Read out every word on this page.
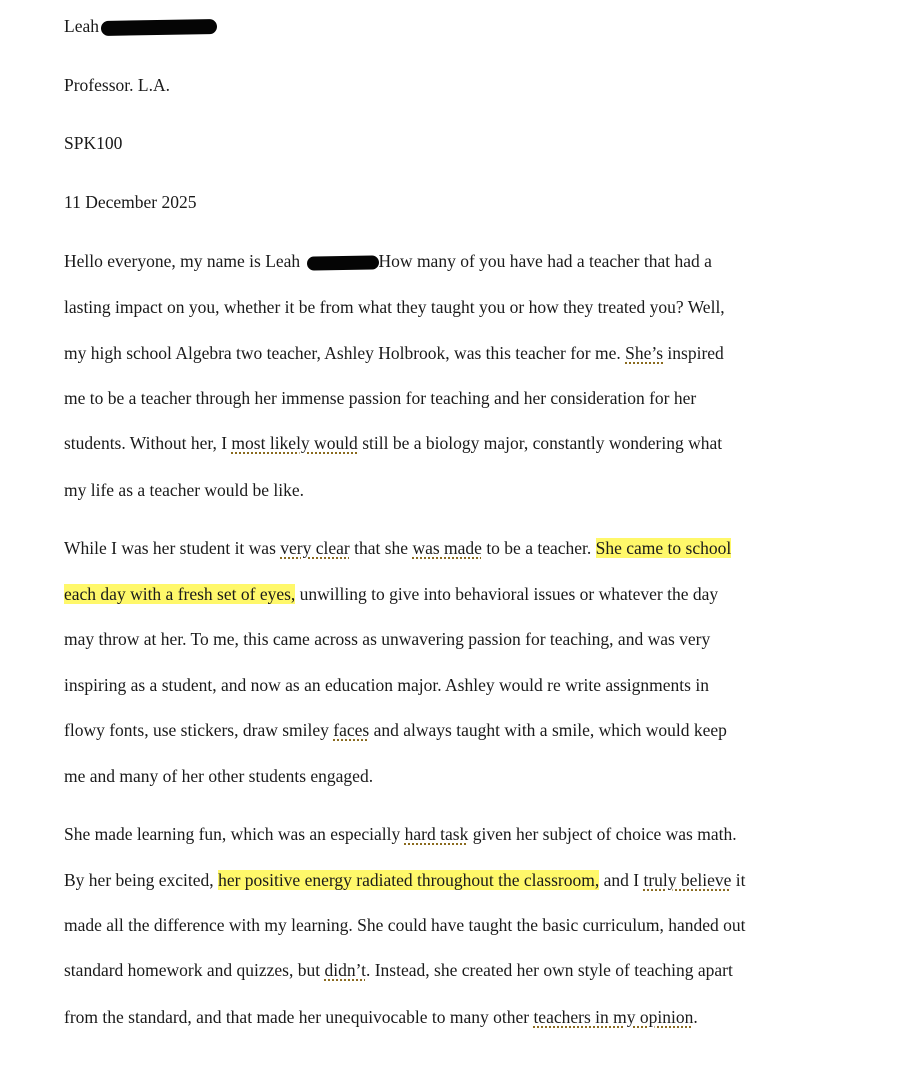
Leah
Professor. L.A.
SPK100
11 December 2025
Hello everyone, my name is Leah	How many of you have had a teacher that had a
lasting impact on you, whether it be from what they taught you or how they treated you? Well,
my high school Algebra two teacher, Ashley Holbrook, was this teacher for me. She’s inspired
me to be a teacher through her immense passion for teaching and her consideration for her
students. Without her, I most likely would still be a biology major, constantly wondering what
my life as a teacher would be like.
While I was her student it was very clear that she was made to be a teacher. She came to school
each day with a fresh set of eyes, unwilling to give into behavioral issues or whatever the day
may throw at her. To me, this came across as unwavering passion for teaching, and was very
inspiring as a student, and now as an education major. Ashley would re write assignments in
flowy fonts, use stickers, draw smiley faces and always taught with a smile, which would keep
me and many of her other students engaged.
She made learning fun, which was an especially hard task given her subject of choice was math.
By her being excited, her positive energy radiated throughout the classroom, and I truly believe it
made all the difference with my learning. She could have taught the basic curriculum, handed out
standard homework and quizzes, but didn’t. Instead, she created her own style of teaching apart
from the standard, and that made her unequivocable to many other teachers in my opinion.
